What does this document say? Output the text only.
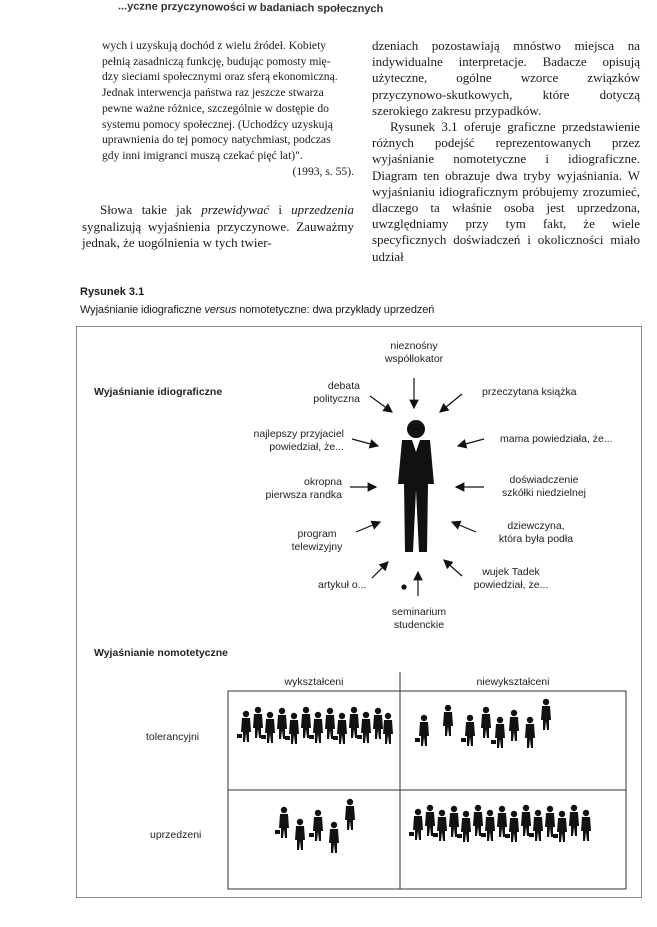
...yczne przyczynowości w badaniach społecznych

wych i uzyskują dochód z wielu źródeł. Kobiety

pełnią zasadniczą funkcję, budując pomosty mię-

dzy sieciami społecznymi oraz sferą ekonomiczną.

Jednak interwencja państwa raz jeszcze stwarza

pewne ważne różnice, szczególnie w dostępie do

systemu pomocy społecznej. (Uchodźcy uzyskują

uprawnienia do tej pomocy natychmiast, podczas

gdy inni imigranci muszą czekać pięć lat)".

(1993, s. 55).

Słowa takie jak przewidywać i uprzedzenia sygnalizują wyjaśnienia przyczynowe. Zauważmy jednak, że uogólnienia w tych twier-

dzeniach pozostawiają mnóstwo miejsca na indywidualne interpretacje. Badacze opisują użyteczne, ogólne wzorce związków przyczynowo-skutkowych, które dotyczą szerokiego zakresu przypadków.

Rysunek 3.1 oferuje graficzne przedstawienie różnych podejść reprezentowanych przez wyjaśnianie nomotetyczne i idiograficzne. Diagram ten obrazuje dwa tryby wyjaśniania. W wyjaśnianiu idiograficznym próbujemy zrozumieć, dlaczego ta właśnie osoba jest uprzedzona, uwzględniamy przy tym fakt, że wiele specyficznych doświadczeń i okoliczności miało udział

Rysunek 3.1
Wyjaśnianie idiograficzne versus nomotetyczne: dwa przykłady uprzedzeń
Wyjaśnianie idiograficzne
nieznośny
współlokator
debata
polityczna
przeczytana książka
najlepszy przyjaciel
powiedział, że...
mama powiedziała, że...
okropna
pierwsza randka
doświadczenie
szkółki niedzielnej
program
telewizyjny
dziewczyna,
która była podła
artykuł o...
wujek Tadek
powiedział, że...
seminarium
studenckie
Wyjaśnianie nomotetyczne
wykształceni	niewykształceni
tolerancyjni
uprzedzeni
